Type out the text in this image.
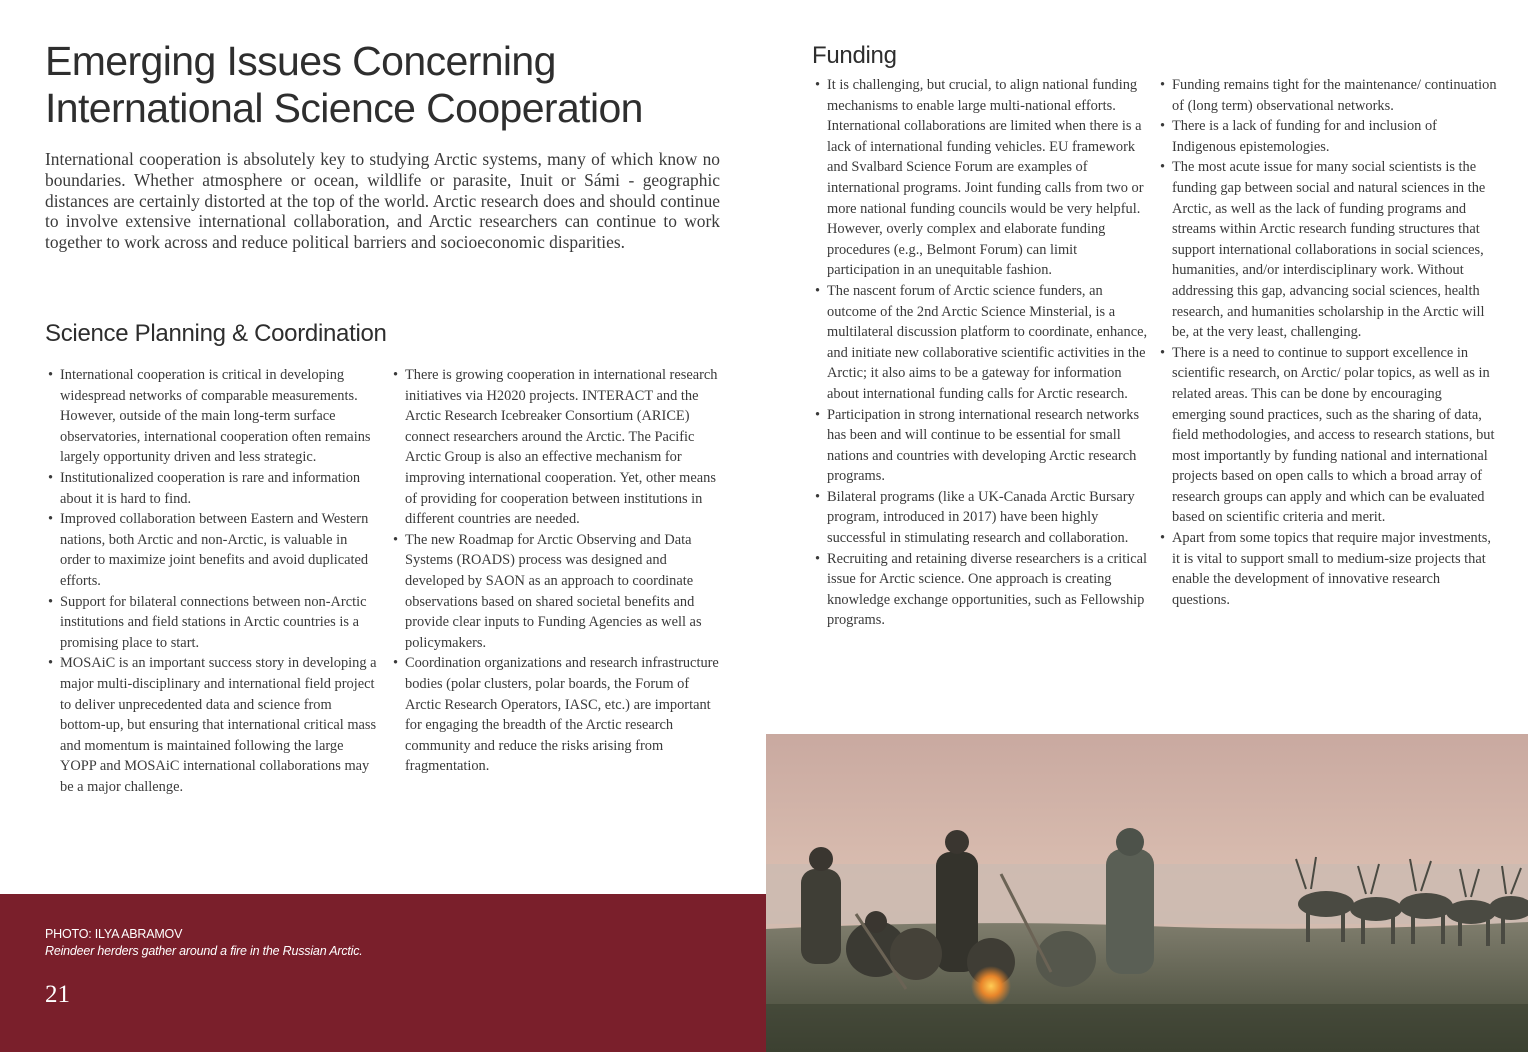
Emerging Issues Concerning International Science Cooperation

International cooperation is absolutely key to studying Arctic systems, many of which know no boundaries. Whether atmosphere or ocean, wildlife or parasite, Inuit or Sámi - geographic distances are certainly distorted at the top of the world. Arctic research does and should continue to involve extensive international collaboration, and Arctic researchers can continue to work together to work across and reduce political barriers and socioeconomic disparities.

Science Planning & Coordination
• International cooperation is critical in developing widespread networks of comparable measurements. However, outside of the main long-term surface observatories, international cooperation often remains largely opportunity driven and less strategic.
• Institutionalized cooperation is rare and information about it is hard to find.
• Improved collaboration between Eastern and Western nations, both Arctic and non-Arctic, is valuable in order to maximize joint benefits and avoid duplicated efforts.
• Support for bilateral connections between non-Arctic institutions and field stations in Arctic countries is a promising place to start.
• MOSAiC is an important success story in developing a major multi-disciplinary and international field project to deliver unprecedented data and science from bottom-up, but ensuring that international critical mass and momentum is maintained following the large YOPP and MOSAiC international collaborations may be a major challenge.
• There is growing cooperation in international research initiatives via H2020 projects. INTERACT and the Arctic Research Icebreaker Consortium (ARICE) connect researchers around the Arctic. The Pacific Arctic Group is also an effective mechanism for improving international cooperation. Yet, other means of providing for cooperation between institutions in different countries are needed.
• The new Roadmap for Arctic Observing and Data Systems (ROADS) process was designed and developed by SAON as an approach to coordinate observations based on shared societal benefits and provide clear inputs to Funding Agencies as well as policymakers.
• Coordination organizations and research infrastructure bodies (polar clusters, polar boards, the Forum of Arctic Research Operators, IASC, etc.) are important for engaging the breadth of the Arctic research community and reduce the risks arising from fragmentation.
Funding
• It is challenging, but crucial, to align national funding mechanisms to enable large multi-national efforts. International collaborations are limited when there is a lack of international funding vehicles. EU framework and Svalbard Science Forum are examples of international programs. Joint funding calls from two or more national funding councils would be very helpful. However, overly complex and elaborate funding procedures (e.g., Belmont Forum) can limit participation in an unequitable fashion.
• The nascent forum of Arctic science funders, an outcome of the 2nd Arctic Science Minsterial, is a multilateral discussion platform to coordinate, enhance, and initiate new collaborative scientific activities in the Arctic; it also aims to be a gateway for information about international funding calls for Arctic research.
• Participation in strong international research networks has been and will continue to be essential for small nations and countries with developing Arctic research programs.
• Bilateral programs (like a UK-Canada Arctic Bursary program, introduced in 2017) have been highly successful in stimulating research and collaboration.
• Recruiting and retaining diverse researchers is a critical issue for Arctic science. One approach is creating knowledge exchange opportunities, such as Fellowship programs.
• Funding remains tight for the maintenance/ continuation of (long term) observational networks.
• There is a lack of funding for and inclusion of Indigenous epistemologies.
• The most acute issue for many social scientists is the funding gap between social and natural sciences in the Arctic, as well as the lack of funding programs and streams within Arctic research funding structures that support international collaborations in social sciences, humanities, and/or interdisciplinary work. Without addressing this gap, advancing social sciences, health research, and humanities scholarship in the Arctic will be, at the very least, challenging.
• There is a need to continue to support excellence in scientific research, on Arctic/ polar topics, as well as in related areas. This can be done by encouraging emerging sound practices, such as the sharing of data, field methodologies, and access to research stations, but most importantly by funding national and international projects based on open calls to which a broad array of research groups can apply and which can be evaluated based on scientific criteria and merit.
• Apart from some topics that require major investments, it is vital to support small to medium-size projects that enable the development of innovative research questions.

PHOTO: ILYA ABRAMOV

Reindeer herders gather around a fire in the Russian Arctic.

21
